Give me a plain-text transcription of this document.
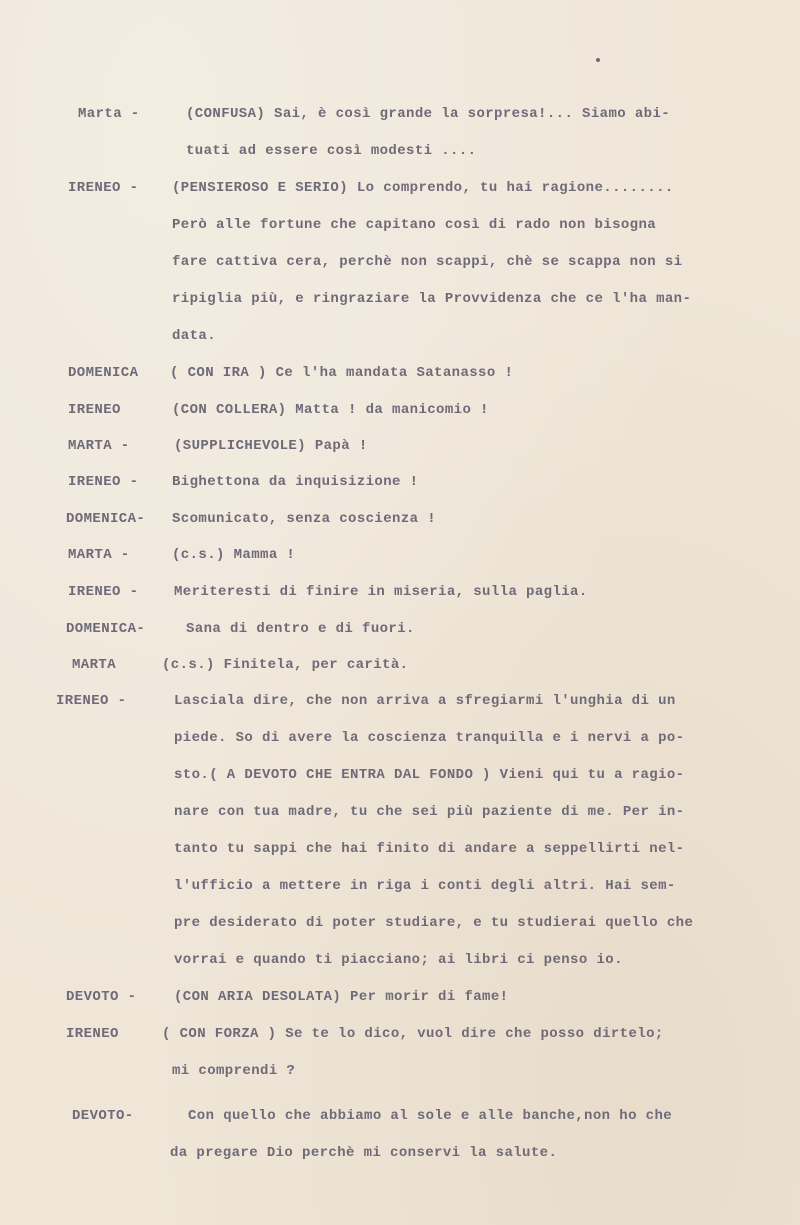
Marta -	(CONFUSA) Sai, è così grande la sorpresa!... Siamo abi-
tuati ad essere così modesti ....
IRENEO -	(PENSIEROSO E SERIO) Lo comprendo, tu hai ragione........
Però alle fortune che capitano così di rado non bisogna
fare cattiva cera, perchè non scappi, chè se scappa non si
ripiglia più, e ringraziare la Provvidenza che ce l'ha man-
data.
DOMENICA	( CON IRA ) Ce l'ha mandata Satanasso !
IRENEO	(CON COLLERA) Matta ! da manicomio !
MARTA -	(SUPPLICHEVOLE) Papà !
IRENEO -	Bighettona da inquisizione !
DOMENICA-	Scomunicato, senza coscienza !
MARTA -	(c.s.) Mamma !
IRENEO -	Meriteresti di finire in miseria, sulla paglia.
DOMENICA-	Sana di dentro e di fuori.
MARTA	(c.s.) Finitela, per carità.
IRENEO -	Lasciala dire, che non arriva a sfregiarmi l'unghia di un
piede. So di avere la coscienza tranquilla e i nervi a po-
sto.( A DEVOTO CHE ENTRA DAL FONDO ) Vieni qui tu a ragio-
nare con tua madre, tu che sei più paziente di me. Per in-
tanto tu sappi che hai finito di andare a seppellirti nel-
l'ufficio a mettere in riga i conti degli altri. Hai sem-
pre desiderato di poter studiare, e tu studierai quello che
vorrai e quando ti piacciano; ai libri ci penso io.
DEVOTO -	(CON ARIA DESOLATA) Per morir di fame!
IRENEO	( CON FORZA ) Se te lo dico, vuol dire che posso dirtelo;
mi comprendi ?
DEVOTO-	Con quello che abbiamo al sole e alle banche,non ho che
da pregare Dio perchè mi conservi la salute.
